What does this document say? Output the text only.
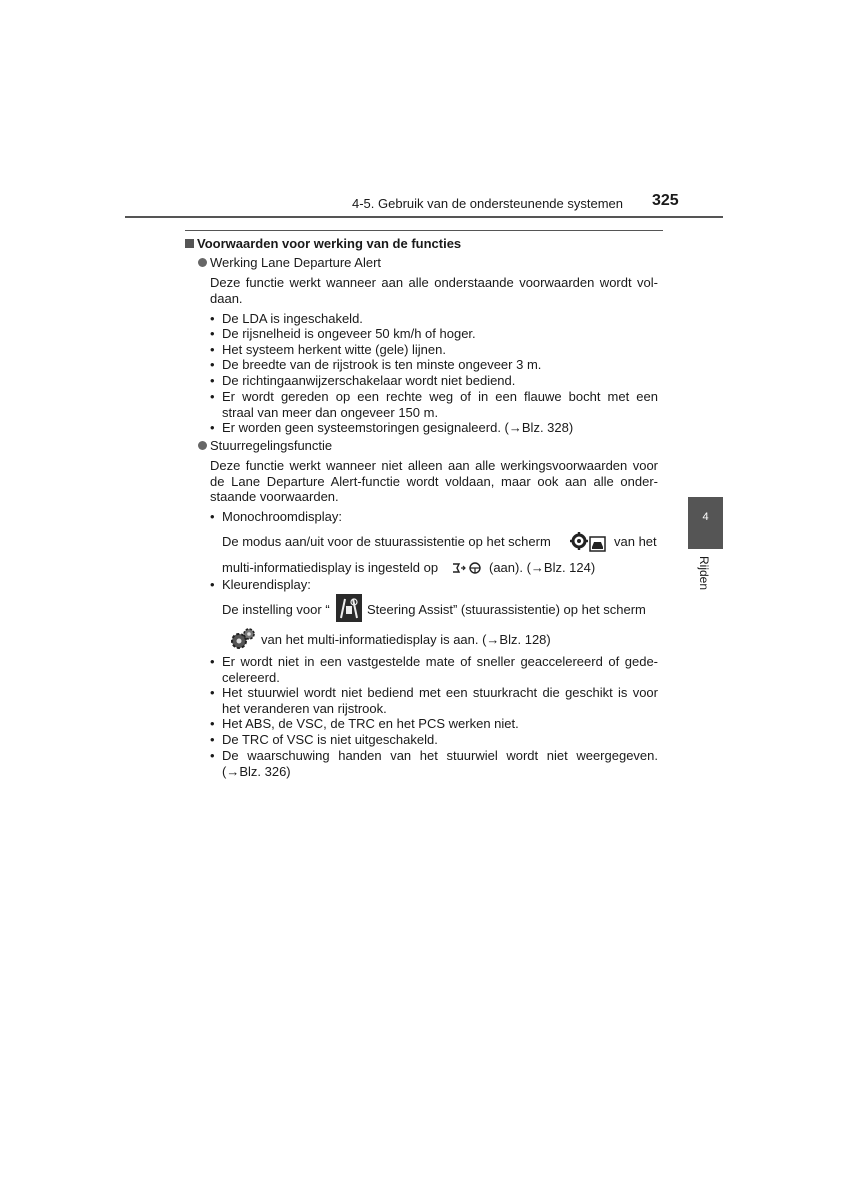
4-5. Gebruik van de ondersteunende systemen 325
Voorwaarden voor werking van de functies
Werking Lane Departure Alert
Deze functie werkt wanneer aan alle onderstaande voorwaarden wordt vol-
daan.
• De LDA is ingeschakeld.
• De rijsnelheid is ongeveer 50 km/h of hoger.
• Het systeem herkent witte (gele) lijnen.
• De breedte van de rijstrook is ten minste ongeveer 3 m.
• De richtingaanwijzerschakelaar wordt niet bediend.
• Er wordt gereden op een rechte weg of in een flauwe bocht met een
straal van meer dan ongeveer 150 m.
• Er worden geen systeemstoringen gesignaleerd. (→Blz. 328)
Stuurregelingsfunctie
Deze functie werkt wanneer niet alleen aan alle werkingsvoorwaarden voor
de Lane Departure Alert-functie wordt voldaan, maar ook aan alle onder-
staande voorwaarden.
• Monochroomdisplay:
De modus aan/uit voor de stuurassistentie op het scherm	van het
multi-informatiedisplay is ingesteld op	(aan). (→Blz. 124)
• Kleurendisplay:
De instelling voor “	Steering Assist” (stuurassistentie) op het scherm
van het multi-informatiedisplay is aan. (→Blz. 128)
• Er wordt niet in een vastgestelde mate of sneller geaccelereerd of gede-
celereerd.
• Het stuurwiel wordt niet bediend met een stuurkracht die geschikt is voor
het veranderen van rijstrook.
• Het ABS, de VSC, de TRC en het PCS werken niet.
• De TRC of VSC is niet uitgeschakeld.
• De waarschuwing handen van het stuurwiel wordt niet weergegeven.
(→Blz. 326)
4
Rijden
